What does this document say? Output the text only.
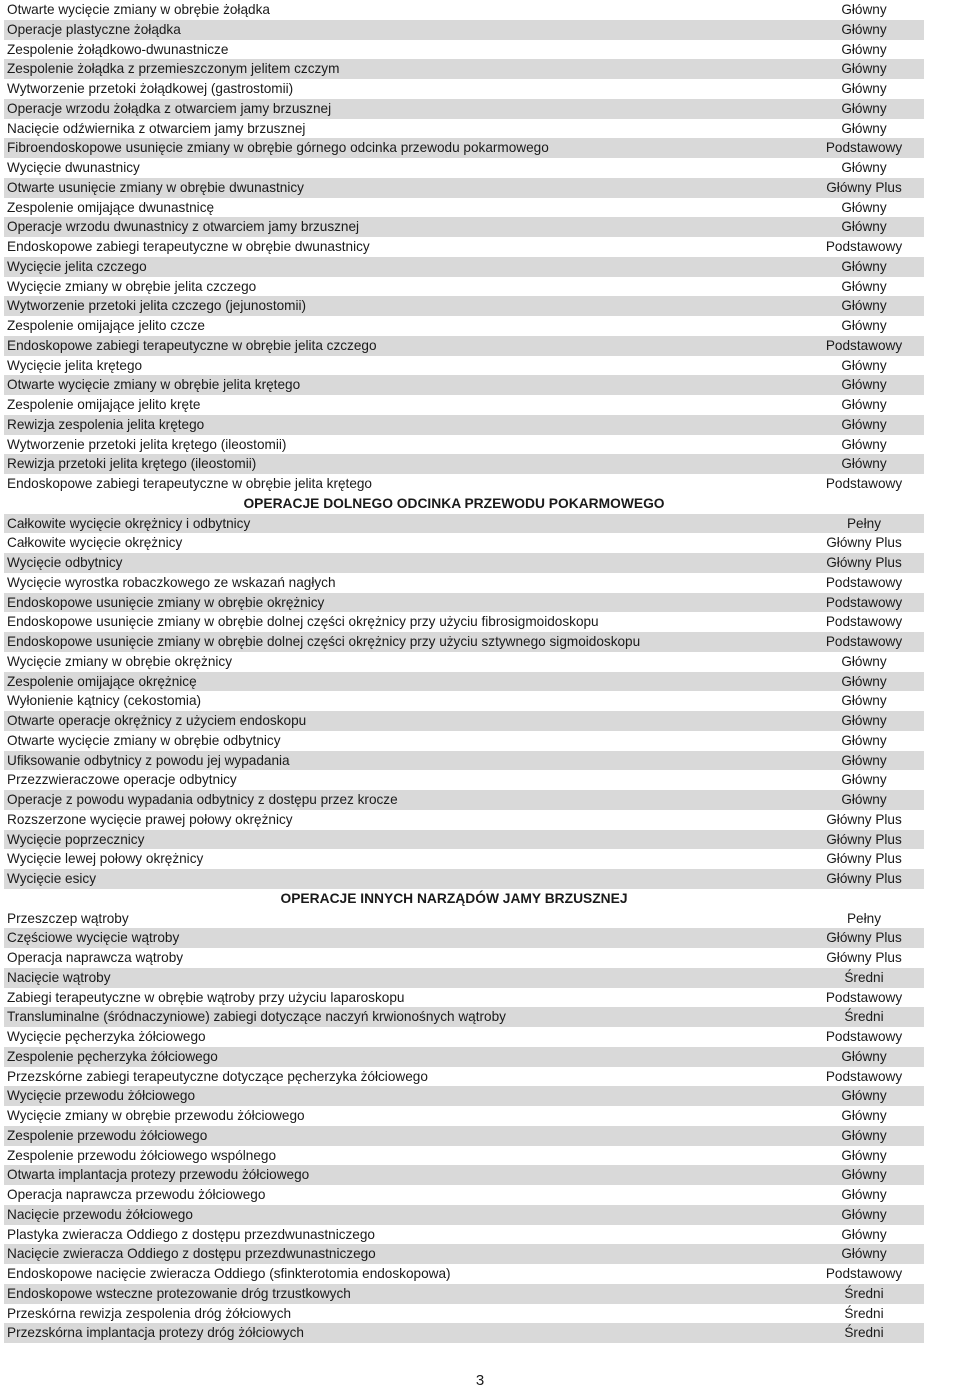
Otwarte wycięcie zmiany w obrębie żołądka	Główny
Operacje plastyczne żołądka	Główny
Zespolenie żołądkowo-dwunastnicze	Główny
Zespolenie żołądka z przemieszczonym jelitem czczym	Główny
Wytworzenie przetoki żołądkowej (gastrostomii)	Główny
Operacje wrzodu żołądka z otwarciem jamy brzusznej	Główny
Nacięcie odźwiernika z otwarciem jamy brzusznej	Główny
Fibroendoskopowe usunięcie zmiany w obrębie górnego odcinka przewodu pokarmowego	Podstawowy
Wycięcie dwunastnicy	Główny
Otwarte usunięcie zmiany w obrębie dwunastnicy	Główny Plus
Zespolenie omijające dwunastnicę	Główny
Operacje wrzodu dwunastnicy z otwarciem jamy brzusznej	Główny
Endoskopowe zabiegi terapeutyczne w obrębie dwunastnicy	Podstawowy
Wycięcie jelita czczego	Główny
Wycięcie zmiany w obrębie jelita czczego	Główny
Wytworzenie przetoki jelita czczego (jejunostomii)	Główny
Zespolenie omijające jelito czcze	Główny
Endoskopowe zabiegi terapeutyczne w obrębie jelita czczego	Podstawowy
Wycięcie jelita krętego	Główny
Otwarte wycięcie zmiany w obrębie jelita krętego	Główny
Zespolenie omijające jelito kręte	Główny
Rewizja zespolenia jelita krętego	Główny
Wytworzenie przetoki jelita krętego (ileostomii)	Główny
Rewizja przetoki jelita krętego (ileostomii)	Główny
Endoskopowe zabiegi terapeutyczne w obrębie jelita krętego	Podstawowy
OPERACJE DOLNEGO ODCINKA PRZEWODU POKARMOWEGO
Całkowite wycięcie okrężnicy i odbytnicy	Pełny
Całkowite wycięcie okrężnicy	Główny Plus
Wycięcie odbytnicy	Główny Plus
Wycięcie wyrostka robaczkowego ze wskazań nagłych	Podstawowy
Endoskopowe usunięcie zmiany w obrębie okrężnicy	Podstawowy
Endoskopowe usunięcie zmiany w obrębie dolnej części okrężnicy przy użyciu fibrosigmoidoskopu	Podstawowy
Endoskopowe usunięcie zmiany w obrębie dolnej części okrężnicy przy użyciu sztywnego sigmoidoskopu	Podstawowy
Wycięcie zmiany w obrębie okrężnicy	Główny
Zespolenie omijające okrężnicę	Główny
Wyłonienie kątnicy (cekostomia)	Główny
Otwarte operacje okrężnicy z użyciem endoskopu	Główny
Otwarte wycięcie zmiany w obrębie odbytnicy	Główny
Ufiksowanie odbytnicy z powodu jej wypadania	Główny
Przezzwieraczowe operacje odbytnicy	Główny
Operacje z powodu wypadania odbytnicy z dostępu przez krocze	Główny
Rozszerzone wycięcie prawej połowy okrężnicy	Główny Plus
Wycięcie poprzecznicy	Główny Plus
Wycięcie lewej połowy okrężnicy	Główny Plus
Wycięcie esicy	Główny Plus
OPERACJE INNYCH NARZĄDÓW JAMY BRZUSZNEJ
Przeszczep wątroby	Pełny
Częściowe wycięcie wątroby	Główny Plus
Operacja naprawcza wątroby	Główny Plus
Nacięcie wątroby	Średni
Zabiegi terapeutyczne w obrębie wątroby przy użyciu laparoskopu	Podstawowy
Transluminalne (śródnaczyniowe) zabiegi dotyczące naczyń krwionośnych wątroby	Średni
Wycięcie pęcherzyka żółciowego	Podstawowy
Zespolenie pęcherzyka żółciowego	Główny
Przezskórne zabiegi terapeutyczne dotyczące pęcherzyka żółciowego	Podstawowy
Wycięcie przewodu żółciowego	Główny
Wycięcie zmiany w obrębie przewodu żółciowego	Główny
Zespolenie przewodu żółciowego	Główny
Zespolenie przewodu żółciowego wspólnego	Główny
Otwarta implantacja protezy przewodu żółciowego	Główny
Operacja naprawcza przewodu żółciowego	Główny
Nacięcie przewodu żółciowego	Główny
Plastyka zwieracza Oddiego z dostępu przezdwunastniczego	Główny
Nacięcie zwieracza Oddiego z dostępu przezdwunastniczego	Główny
Endoskopowe nacięcie zwieracza Oddiego (sfinkterotomia endoskopowa)	Podstawowy
Endoskopowe wsteczne protezowanie dróg trzustkowych	Średni
Przeskórna rewizja zespolenia dróg żółciowych	Średni
Przezskórna implantacja protezy dróg żółciowych	Średni
3
